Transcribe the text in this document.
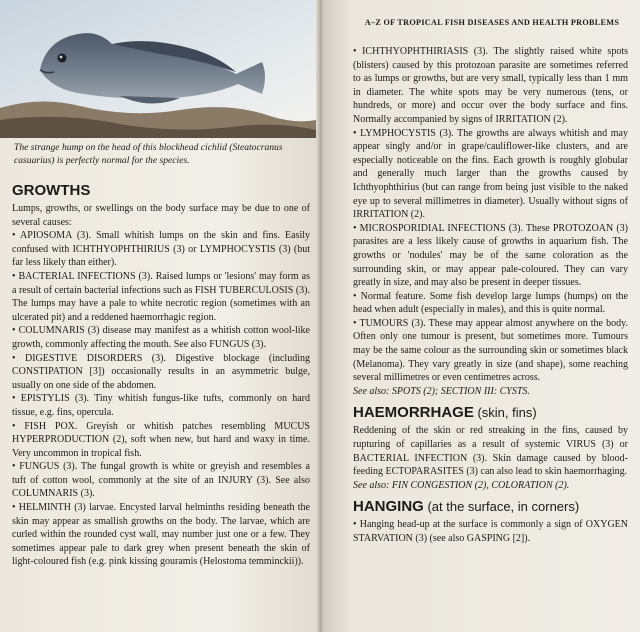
The strange hump on the head of this blockhead cichlid (Steatocranus casuarius) is perfectly normal for the species.
GROWTHS

Lumps, growths, or swellings on the body surface may be due to one of several causes:

• APIOSOMA (3). Small whitish lumps on the skin and fins. Easily confused with ICHTHYOPHTHIRIUS (3) or LYMPHOCYSTIS (3) (but far less likely than either).

• BACTERIAL INFECTIONS (3). Raised lumps or 'lesions' may form as a result of certain bacterial infections such as FISH TUBERCULOSIS (3). The lumps may have a pale to white necrotic region (sometimes with an ulcerated pit) and a reddened haemorrhagic region.

• COLUMNARIS (3) disease may manifest as a whitish cotton wool-like growth, commonly affecting the mouth. See also FUNGUS (3).

• DIGESTIVE DISORDERS (3). Digestive blockage (including CONSTIPATION [3]) occasionally results in an asymmetric bulge, usually on one side of the abdomen.

• EPISTYLIS (3). Tiny whitish fungus-like tufts, commonly on hard tissue, e.g. fins, opercula.

• FISH POX. Greyish or whitish patches resembling MUCUS HYPERPRODUCTION (2), soft when new, but hard and waxy in time. Very uncommon in tropical fish.

• FUNGUS (3). The fungal growth is white or greyish and resembles a tuft of cotton wool, commonly at the site of an INJURY (3). See also COLUMNARIS (3).

• HELMINTH (3) larvae. Encysted larval helminths residing beneath the skin may appear as smallish growths on the body. The larvae, which are curled within the rounded cyst wall, may number just one or a few. They sometimes appear pale to dark grey when present beneath the skin of light-coloured fish (e.g. pink kissing gouramis (Helostoma temminckii)).

A–Z OF TROPICAL FISH DISEASES AND HEALTH PROBLEMS

• ICHTHYOPHTHIRIASIS (3). The slightly raised white spots (blisters) caused by this protozoan parasite are sometimes referred to as lumps or growths, but are very small, typically less than 1 mm in diameter. The white spots may be very numerous (tens, or hundreds, or more) and occur over the body surface and fins. Normally accompanied by signs of IRRITATION (2).

• LYMPHOCYSTIS (3). The growths are always whitish and may appear singly and/or in grape/cauliflower-like clusters, and are especially noticeable on the fins. Each growth is roughly globular and generally much larger than the growths caused by Ichthyophthirius (but can range from being just visible to the naked eye up to several millimetres in diameter). Usually without signs of IRRITATION (2).

• MICROSPORIDIAL INFECTIONS (3). These PROTOZOAN (3) parasites are a less likely cause of growths in aquarium fish. The growths or 'nodules' may be of the same coloration as the surrounding skin, or may appear pale-coloured. They can vary greatly in size, and may also be present in deeper tissues.

• Normal feature. Some fish develop large lumps (humps) on the head when adult (especially in males), and this is quite normal.

• TUMOURS (3). These may appear almost anywhere on the body. Often only one tumour is present, but sometimes more. Tumours may be the same colour as the surrounding skin or sometimes black (Melanoma). They vary greatly in size (and shape), some reaching several millimetres or even centimetres across.

See also: SPOTS (2); SECTION III: CYSTS.

HAEMORRHAGE (skin, fins)

Reddening of the skin or red streaking in the fins, caused by rupturing of capillaries as a result of systemic VIRUS (3) or BACTERIAL INFECTION (3). Skin damage caused by blood-feeding ECTOPARASITES (3) can also lead to skin haemorrhaging.

See also: FIN CONGESTION (2), COLORATION (2).

HANGING (at the surface, in corners)

• Hanging head-up at the surface is commonly a sign of OXYGEN STARVATION (3) (see also GASPING [2]).
